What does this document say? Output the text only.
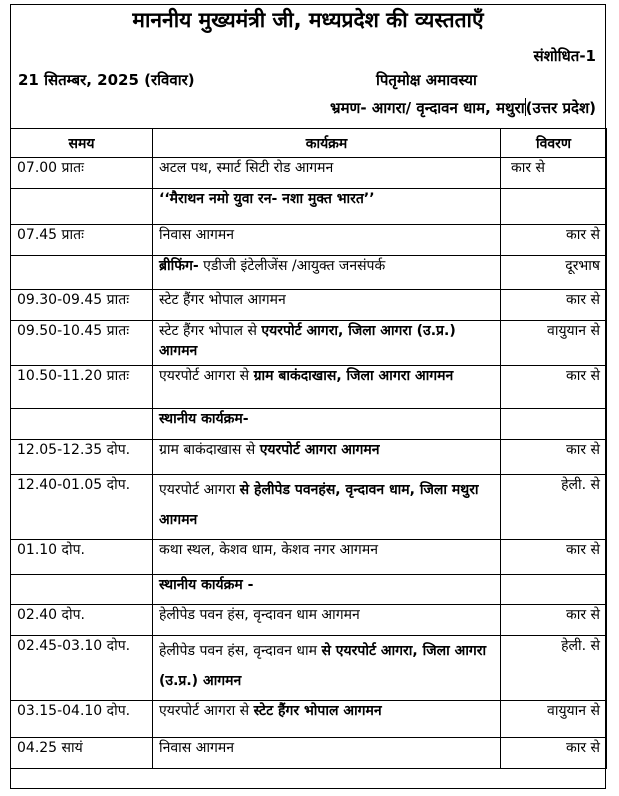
माननीय मुख्यमंत्री जी, मध्यप्रदेश की व्यस्तताएँ
संशोधित-1
21 सितम्बर, 2025 (रविवार)	पितृमोक्ष अमावस्या
भ्रमण- आगरा/ वृन्दावन धाम, मथुरा(उत्तर प्रदेश)
समय	कार्यक्रम	विवरण
07.00 प्रातः	अटल पथ, स्मार्ट सिटी रोड आगमन	कार से
	‘‘मैराथन नमो युवा रन- नशा मुक्त भारत’’	
07.45 प्रातः	निवास आगमन	कार से
	ब्रीफिंग- एडीजी इंटेलीजेंस /आयुक्त जनसंपर्क	दूरभाष
09.30-09.45 प्रातः	स्टेट हैंगर भोपाल आगमन	कार से
09.50-10.45 प्रातः	स्टेट हैंगर भोपाल से एयरपोर्ट आगरा, जिला आगरा (उ.प्र.) आगमन	वायुयान से
10.50-11.20 प्रातः	एयरपोर्ट आगरा से ग्राम बाकंदाखास, जिला आगरा आगमन	कार से
	स्थानीय कार्यक्रम-	
12.05-12.35 दोप.	ग्राम बाकंदाखास से एयरपोर्ट आगरा आगमन	कार से
12.40-01.05 दोप.	एयरपोर्ट आगरा से हेलीपेड पवनहंस, वृन्दावन धाम, जिला मथुरा आगमन	हेली. से
01.10 दोप.	कथा स्थल, केशव धाम, केशव नगर आगमन	कार से
	स्थानीय कार्यक्रम -	
02.40 दोप.	हेलीपेड पवन हंस, वृन्दावन धाम आगमन	कार से
02.45-03.10 दोप.	हेलीपेड पवन हंस, वृन्दावन धाम से एयरपोर्ट आगरा, जिला आगरा (उ.प्र.) आगमन	हेली. से
03.15-04.10 दोप.	एयरपोर्ट आगरा से स्टेट हैंगर भोपाल आगमन	वायुयान से
04.25 सायं	निवास आगमन	कार से
